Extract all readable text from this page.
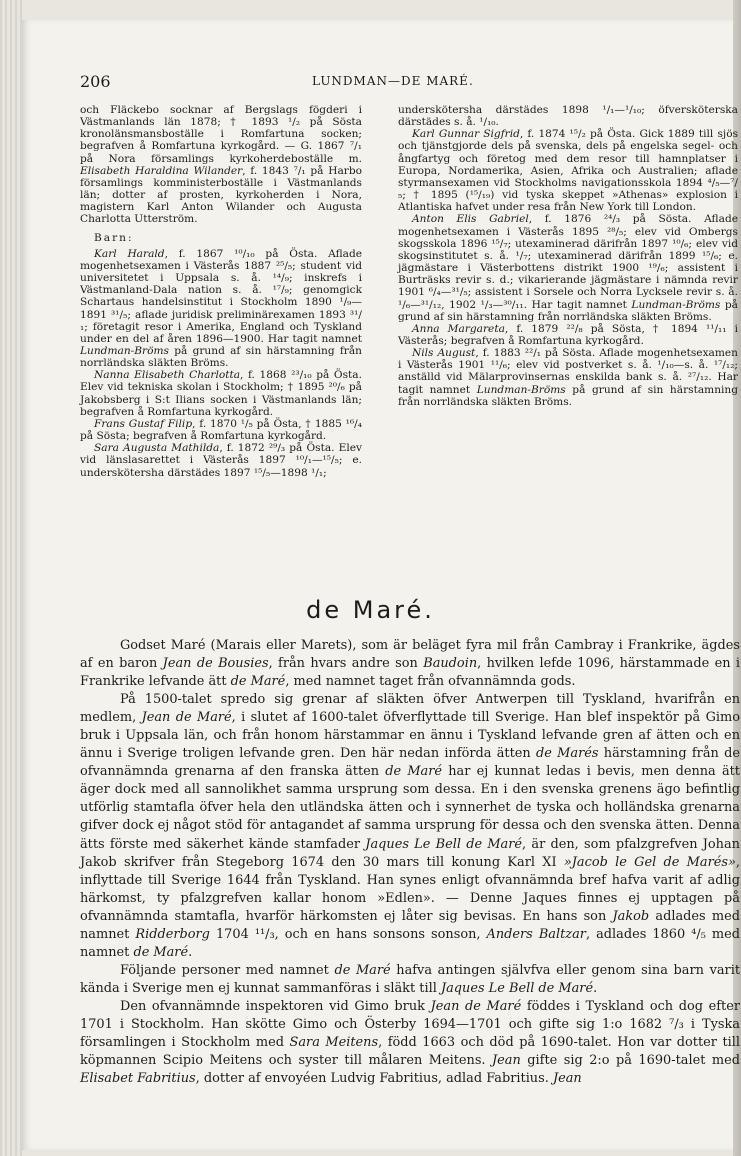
206	LUNDMAN—DE MARÉ.

och Fläckebo socknar af Bergslags fögderi i Västmanlands län 1878; † 1893 ¹/₂ på Sösta kronolänsmansboställe i Romfartuna socken; begrafven å Romfartuna kyrkogård. — G. 1867 ⁷/₁ på Nora församlings kyrkoherdeboställe m. Elisabeth Haraldina Wilander, f. 1843 ⁷/₁ på Harbo församlings komministerboställe i Västmanlands län; dotter af prosten, kyrkoherden i Nora, magistern Karl Anton Wilander och Augusta Charlotta Utterström.

Barn:

Karl Harald, f. 1867 ¹⁰/₁₀ på Östa. Aflade mogenhetsexamen i Västerås 1887 ²⁵/₅; student vid universitetet i Uppsala s. å. ¹⁴/₉; inskrefs i Västmanland-Dala nation s. å. ¹⁷/₉; genomgick Schartaus handelsinstitut i Stockholm 1890 ¹/₉—1891 ³¹/₅; aflade juridisk preliminärexamen 1893 ³¹/₁; företagit resor i Amerika, England och Tyskland under en del af åren 1896—1900. Har tagit namnet Lundman-Bröms på grund af sin härstamning från norrländska släkten Bröms.

Nanna Elisabeth Charlotta, f. 1868 ²³/₁₀ på Östa. Elev vid tekniska skolan i Stockholm; † 1895 ²⁰/₆ på Jakobsberg i S:t Ilians socken i Västmanlands län; begrafven å Romfartuna kyrkogård.

Frans Gustaf Filip, f. 1870 ¹/₅ på Östa, † 1885 ¹⁶/₄ på Sösta; begrafven å Romfartuna kyrkogård.

Sara Augusta Mathilda, f. 1872 ²⁹/₃ på Östa. Elev vid länslasarettet i Västerås 1897 ¹⁰/₁—¹⁵/₅; e. underskötersha därstädes 1897 ¹⁵/₅—1898 ¹/₁;

underskötersha därstädes 1898 ¹/₁—¹/₁₀; öfversköterska därstädes s. å. ¹/₁₀.

Karl Gunnar Sigfrid, f. 1874 ¹⁵/₂ på Östa. Gick 1889 till sjös och tjänstgjorde dels på svenska, dels på engelska segel- och ångfartyg och företog med dem resor till hamnplatser i Europa, Nordamerika, Asien, Afrika och Australien; aflade styrmansexamen vid Stockholms navigationsskola 1894 ⁴/₅—⁷/₅; † 1895 (¹⁵/₁₉) vid tyska skeppet »Athenas» explosion i Atlantiska hafvet under resa från New York till London.

Anton Elis Gabriel, f. 1876 ²⁴/₃ på Sösta. Aflade mogenhetsexamen i Västerås 1895 ²⁸/₅; elev vid Ombergs skogsskola 1896 ¹⁵/₇; utexaminerad därifrån 1897 ¹⁰/₆; elev vid skogsinstitutet s. å. ¹/₇; utexaminerad därifrån 1899 ¹⁵/₆; e. jägmästare i Västerbottens distrikt 1900 ¹⁹/₆; assistent i Burträsks revir s. d.; vikarierande jägmästare i nämnda revir 1901 ⁶/₄—³¹/₅; assistent i Sorsele och Norra Lycksele revir s. å. ¹/₆—³¹/₁₂, 1902 ¹/₃—³⁰/₁₁. Har tagit namnet Lundman-Bröms på grund af sin härstamning från norrländska släkten Bröms.

Anna Margareta, f. 1879 ²²/₈ på Sösta, † 1894 ¹¹/₁₁ i Västerås; begrafven å Romfartuna kyrkogård.

Nils August, f. 1883 ²²/₁ på Sösta. Aflade mogenhetsexamen i Västerås 1901 ¹¹/₆; elev vid postverket s. å. ¹/₁₀—s. å. ¹⁷/₁₂; anställd vid Mälarprovinsernas enskilda bank s. å. ²⁷/₁₂. Har tagit namnet Lundman-Bröms på grund af sin härstamning från norrländska släkten Bröms.

de Maré.

Godset Maré (Marais eller Marets), som är beläget fyra mil från Cambray i Frankrike, ägdes af en baron Jean de Bousies, från hvars andre son Baudoin, hvilken lefde 1096, härstammade en i Frankrike lefvande ätt de Maré, med namnet taget från ofvannämnda gods.

På 1500-talet spredo sig grenar af släkten öfver Antwerpen till Tyskland, hvarifrån en medlem, Jean de Maré, i slutet af 1600-talet öfverflyttade till Sverige. Han blef inspektör på Gimo bruk i Uppsala län, och från honom härstammar en ännu i Tyskland lefvande gren af ätten och en ännu i Sverige troligen lefvande gren. Den här nedan införda ätten de Marés härstamning från de ofvannämnda grenarna af den franska ätten de Maré har ej kunnat ledas i bevis, men denna ätt äger dock med all sannolikhet samma ursprung som dessa. En i den svenska grenens ägo befintlig utförlig stamtafla öfver hela den utländska ätten och i synnerhet de tyska och holländska grenarna gifver dock ej något stöd för antagandet af samma ursprung för dessa och den svenska ätten. Denna ätts förste med säkerhet kände stamfader Jaques Le Bell de Maré, är den, som pfalzgrefven Johan Jakob skrifver från Stegeborg 1674 den 30 mars till konung Karl XI »Jacob le Gel de Marés», inflyttade till Sverige 1644 från Tyskland. Han synes enligt ofvannämnda bref hafva varit af adlig härkomst, ty pfalzgrefven kallar honom »Edlen». — Denne Jaques finnes ej upptagen på ofvannämnda stamtafla, hvarför härkomsten ej låter sig bevisas. En hans son Jakob adlades med namnet Ridderborg 1704 ¹¹/₃, och en hans sonsons sonson, Anders Baltzar, adlades 1860 ⁴/₅ med namnet de Maré.

Följande personer med namnet de Maré hafva antingen självfva eller genom sina barn varit kända i Sverige men ej kunnat sammanföras i släkt till Jaques Le Bell de Maré.

Den ofvannämnde inspektoren vid Gimo bruk Jean de Maré föddes i Tyskland och dog efter 1701 i Stockholm. Han skötte Gimo och Österby 1694—1701 och gifte sig 1:o 1682 ⁷/₃ i Tyska församlingen i Stockholm med Sara Meitens, född 1663 och död på 1690-talet. Hon var dotter till köpmannen Scipio Meitens och syster till målaren Meitens. Jean gifte sig 2:o på 1690-talet med Elisabet Fabritius, dotter af envoyéen Ludvig Fabritius, adlad Fabritius. Jean
